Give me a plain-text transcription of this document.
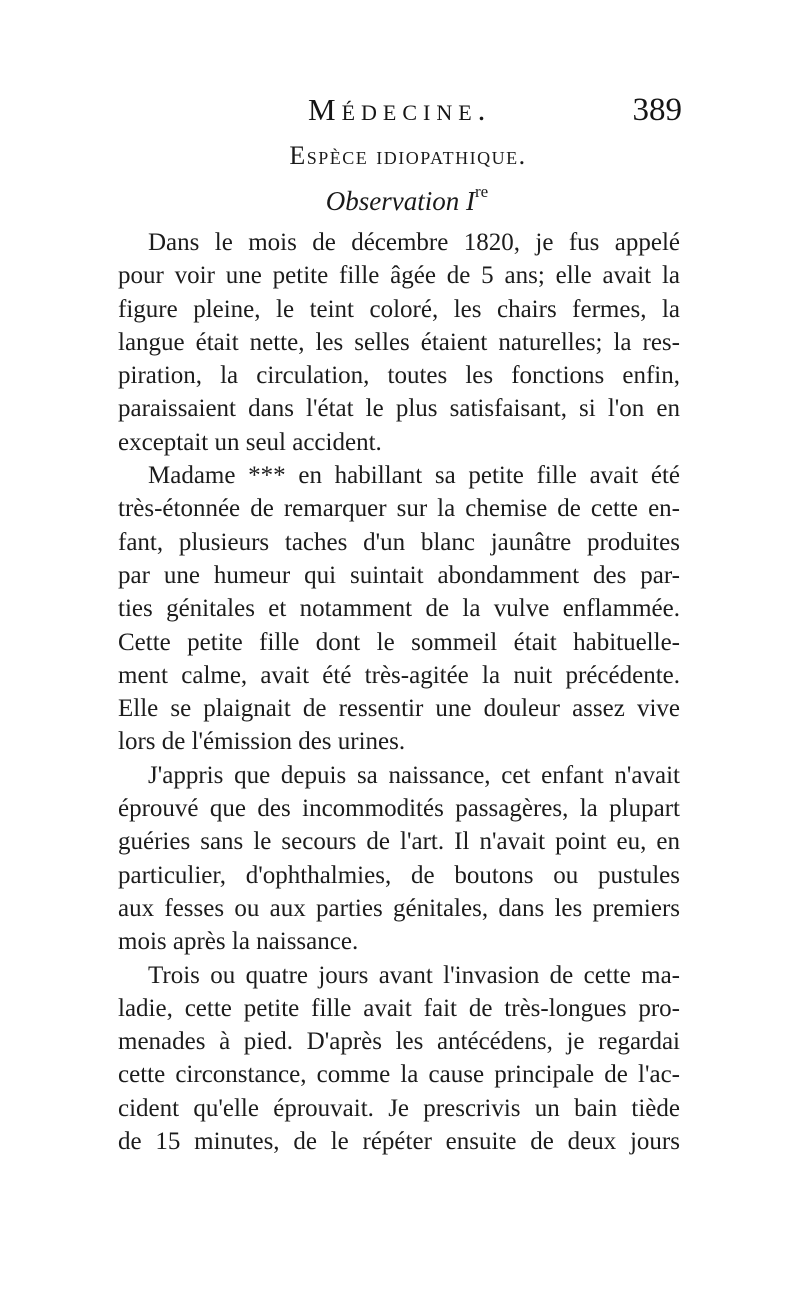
Médecine.	389
Espèce idiopathique.
Observation Ire
Dans le mois de décembre 1820, je fus appelé
pour voir une petite fille âgée de 5 ans; elle avait la
figure pleine, le teint coloré, les chairs fermes, la
langue était nette, les selles étaient naturelles; la res-
piration, la circulation, toutes les fonctions enfin,
paraissaient dans l'état le plus satisfaisant, si l'on en
exceptait un seul accident.
Madame *** en habillant sa petite fille avait été
très-étonnée de remarquer sur la chemise de cette en-
fant, plusieurs taches d'un blanc jaunâtre produites
par une humeur qui suintait abondamment des par-
ties génitales et notamment de la vulve enflammée.
Cette petite fille dont le sommeil était habituelle-
ment calme, avait été très-agitée la nuit précédente.
Elle se plaignait de ressentir une douleur assez vive
lors de l'émission des urines.
J'appris que depuis sa naissance, cet enfant n'avait
éprouvé que des incommodités passagères, la plupart
guéries sans le secours de l'art. Il n'avait point eu, en
particulier, d'ophthalmies, de boutons ou pustules
aux fesses ou aux parties génitales, dans les premiers
mois après la naissance.
Trois ou quatre jours avant l'invasion de cette ma-
ladie, cette petite fille avait fait de très-longues pro-
menades à pied. D'après les antécédens, je regardai
cette circonstance, comme la cause principale de l'ac-
cident qu'elle éprouvait. Je prescrivis un bain tiède
de 15 minutes, de le répéter ensuite de deux jours
